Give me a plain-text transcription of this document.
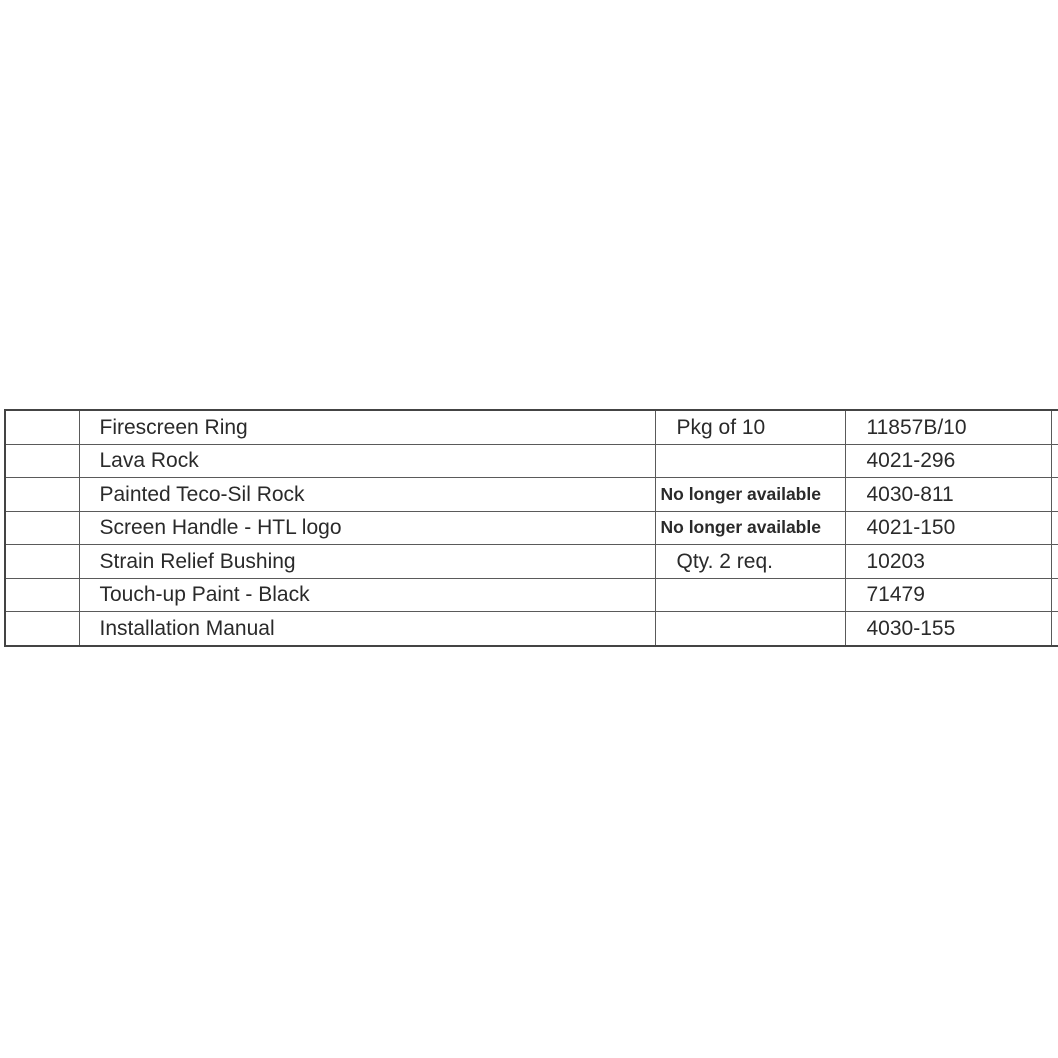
	Firescreen Ring	Pkg of 10	11857B/10	
	Lava Rock		4021-296	
	Painted Teco-Sil Rock	No longer available	4030-811	
	Screen Handle - HTL logo	No longer available	4021-150	
	Strain Relief Bushing	Qty. 2 req.	10203	
	Touch-up Paint - Black		71479	
	Installation Manual		4030-155	
